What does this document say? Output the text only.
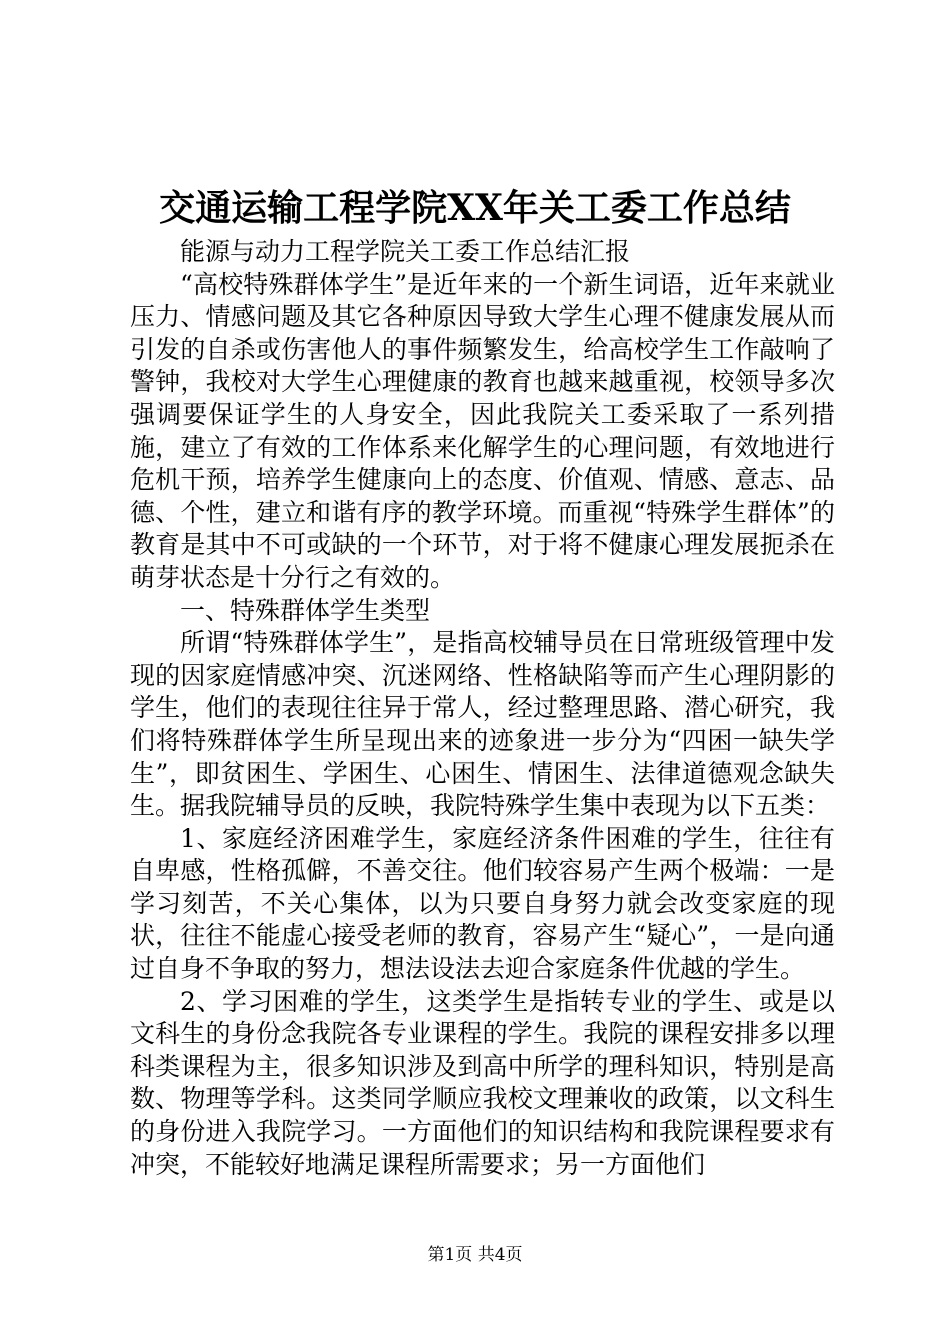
交通运输工程学院XX年关工委工作总结

能源与动力工程学院关工委工作总结汇报

“高校特殊群体学生”是近年来的一个新生词语，近年来就业压力、情感问题及其它各种原因导致大学生心理不健康发展从而引发的自杀或伤害他人的事件频繁发生，给高校学生工作敲响了警钟，我校对大学生心理健康的教育也越来越重视，校领导多次强调要保证学生的人身安全，因此我院关工委采取了一系列措施，建立了有效的工作体系来化解学生的心理问题，有效地进行危机干预，培养学生健康向上的态度、价值观、情感、意志、品德、个性，建立和谐有序的教学环境。而重视“特殊学生群体”的教育是其中不可或缺的一个环节，对于将不健康心理发展扼杀在萌芽状态是十分行之有效的。

一、特殊群体学生类型

所谓“特殊群体学生”，是指高校辅导员在日常班级管理中发现的因家庭情感冲突、沉迷网络、性格缺陷等而产生心理阴影的学生，他们的表现往往异于常人，经过整理思路、潜心研究，我们将特殊群体学生所呈现出来的迹象进一步分为“四困一缺失学生”，即贫困生、学困生、心困生、情困生、法律道德观念缺失生。据我院辅导员的反映，我院特殊学生集中表现为以下五类：

1、家庭经济困难学生，家庭经济条件困难的学生，往往有自卑感，性格孤僻，不善交往。他们较容易产生两个极端：一是学习刻苦，不关心集体，以为只要自身努力就会改变家庭的现状，往往不能虚心接受老师的教育，容易产生“疑心”，一是向通过自身不争取的努力，想法设法去迎合家庭条件优越的学生。

2、学习困难的学生，这类学生是指转专业的学生、或是以文科生的身份念我院各专业课程的学生。我院的课程安排多以理科类课程为主，很多知识涉及到高中所学的理科知识，特别是高数、物理等学科。这类同学顺应我校文理兼收的政策，以文科生的身份进入我院学习。一方面他们的知识结构和我院课程要求有冲突，不能较好地满足课程所需要求；另一方面他们

第1页 共4页
